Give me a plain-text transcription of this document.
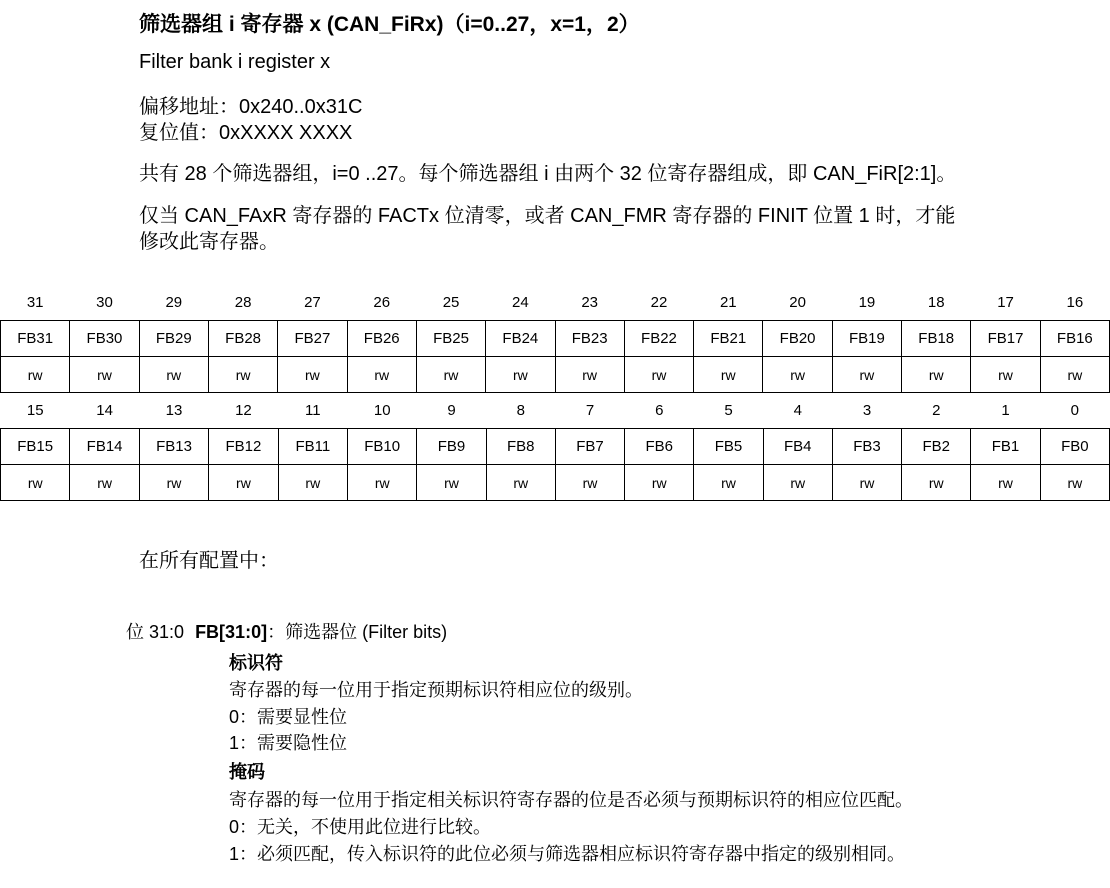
筛选器组 i 寄存器 x (CAN_FiRx)（i=0..27，x=1，2）
Filter bank i register x
偏移地址：0x240..0x31C
复位值：0xXXXX XXXX
共有 28 个筛选器组，i=0 ..27。每个筛选器组 i 由两个 32 位寄存器组成，即 CAN_FiR[2:1]。
仅当 CAN_FAxR 寄存器的 FACTx 位清零，或者 CAN_FMR 寄存器的 FINIT 位置 1 时，才能
修改此寄存器。
31	30	29	28	27	26	25	24	23	22	21	20	19	18	17	16
FB31	FB30	FB29	FB28	FB27	FB26	FB25	FB24	FB23	FB22	FB21	FB20	FB19	FB18	FB17	FB16
rw	rw	rw	rw	rw	rw	rw	rw	rw	rw	rw	rw	rw	rw	rw	rw
15	14	13	12	11	10	9	8	7	6	5	4	3	2	1	0
FB15	FB14	FB13	FB12	FB11	FB10	FB9	FB8	FB7	FB6	FB5	FB4	FB3	FB2	FB1	FB0
rw	rw	rw	rw	rw	rw	rw	rw	rw	rw	rw	rw	rw	rw	rw	rw
在所有配置中：
位 31:0 FB[31:0]：筛选器位 (Filter bits)
标识符
寄存器的每一位用于指定预期标识符相应位的级别。
0：需要显性位
1：需要隐性位
掩码
寄存器的每一位用于指定相关标识符寄存器的位是否必须与预期标识符的相应位匹配。
0：无关，不使用此位进行比较。
1：必须匹配，传入标识符的此位必须与筛选器相应标识符寄存器中指定的级别相同。
